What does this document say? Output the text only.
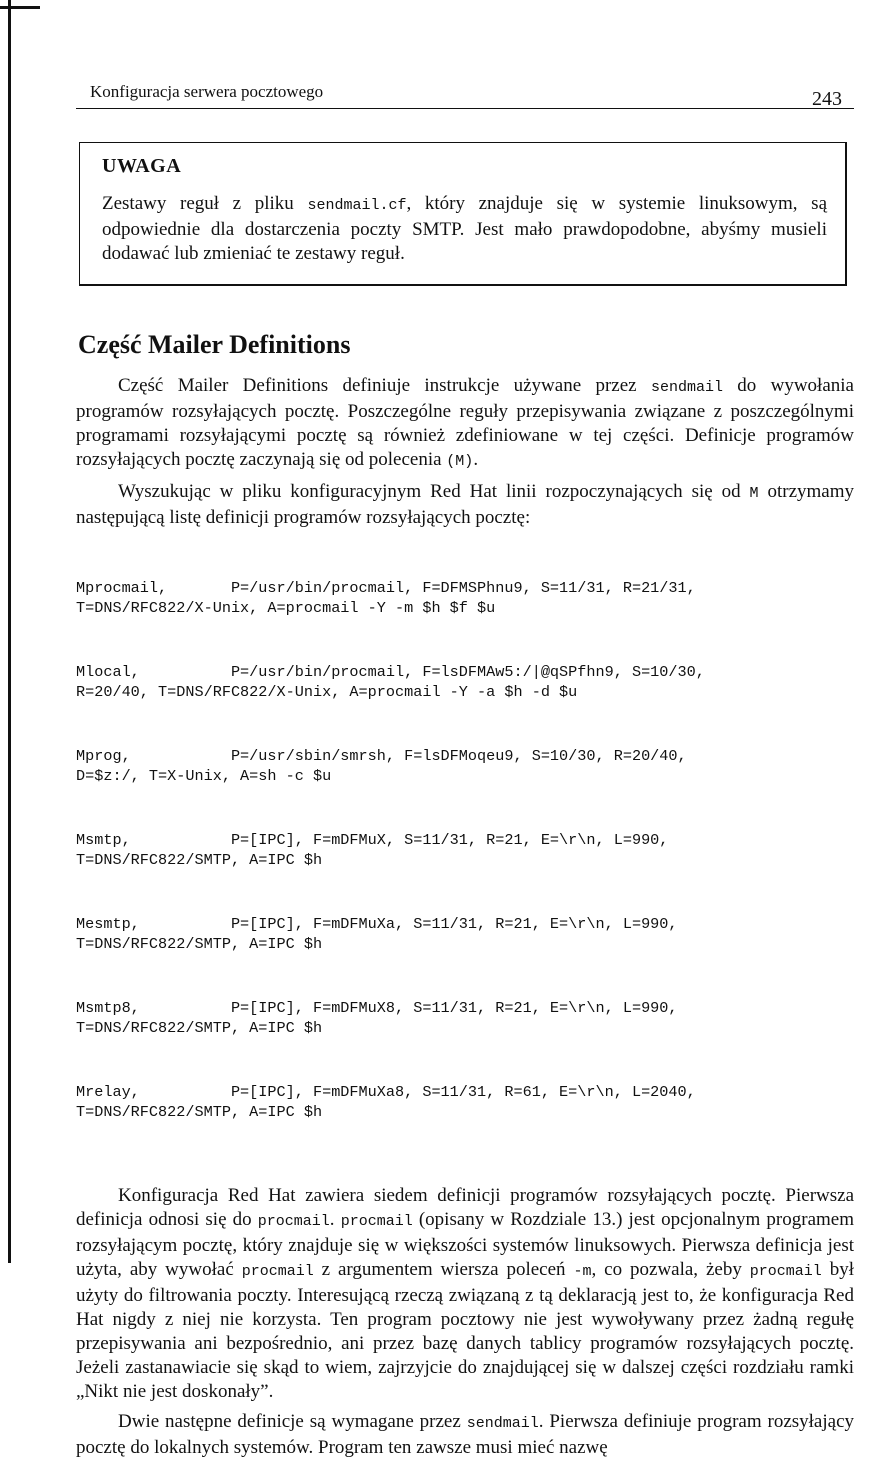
Konfiguracja serwera pocztowego	243
UWAGA
Zestawy reguł z pliku sendmail.cf, który znajduje się w systemie linuksowym, są odpowiednie dla dostarczenia poczty SMTP. Jest mało prawdopodobne, abyśmy musieli dodawać lub zmieniać te zestawy reguł.
Część Mailer Definitions

Część Mailer Definitions definiuje instrukcje używane przez sendmail do wywołania programów rozsyłających pocztę. Poszczególne reguły przepisywania związane z poszczególnymi programami rozsyłającymi pocztę są również zdefiniowane w tej części. Definicje programów rozsyłających pocztę zaczynają się od polecenia (M).

Wyszukując w pliku konfiguracyjnym Red Hat linii rozpoczynających się od M otrzymamy następującą listę definicji programów rozsyłających pocztę:

Mprocmail,       P=/usr/bin/procmail, F=DFMSPhnu9, S=11/31, R=21/31,
T=DNS/RFC822/X-Unix, A=procmail -Y -m $h $f $u

Mlocal,          P=/usr/bin/procmail, F=lsDFMAw5:/|@qSPfhn9, S=10/30,
R=20/40, T=DNS/RFC822/X-Unix, A=procmail -Y -a $h -d $u

Mprog,           P=/usr/sbin/smrsh, F=lsDFMoqeu9, S=10/30, R=20/40,
D=$z:/, T=X-Unix, A=sh -c $u

Msmtp,           P=[IPC], F=mDFMuX, S=11/31, R=21, E=\r\n, L=990,
T=DNS/RFC822/SMTP, A=IPC $h

Mesmtp,          P=[IPC], F=mDFMuXa, S=11/31, R=21, E=\r\n, L=990,
T=DNS/RFC822/SMTP, A=IPC $h

Msmtp8,          P=[IPC], F=mDFMuX8, S=11/31, R=21, E=\r\n, L=990,
T=DNS/RFC822/SMTP, A=IPC $h

Mrelay,          P=[IPC], F=mDFMuXa8, S=11/31, R=61, E=\r\n, L=2040,
T=DNS/RFC822/SMTP, A=IPC $h

Konfiguracja Red Hat zawiera siedem definicji programów rozsyłających pocztę. Pierwsza definicja odnosi się do procmail. procmail (opisany w Rozdziale 13.) jest opcjonalnym programem rozsyłającym pocztę, który znajduje się w większości systemów linuksowych. Pierwsza definicja jest użyta, aby wywołać procmail z argumentem wiersza poleceń -m, co pozwala, żeby procmail był użyty do filtrowania poczty. Interesującą rzeczą związaną z tą deklaracją jest to, że konfiguracja Red Hat nigdy z niej nie korzysta. Ten program pocztowy nie jest wywoływany przez żadną regułę przepisywania ani bezpośrednio, ani przez bazę danych tablicy programów rozsyłających pocztę. Jeżeli zastanawiacie się skąd to wiem, zajrzyjcie do znajdującej się w dalszej części rozdziału ramki „Nikt nie jest doskonały”.

Dwie następne definicje są wymagane przez sendmail. Pierwsza definiuje program rozsyłający pocztę do lokalnych systemów. Program ten zawsze musi mieć nazwę
